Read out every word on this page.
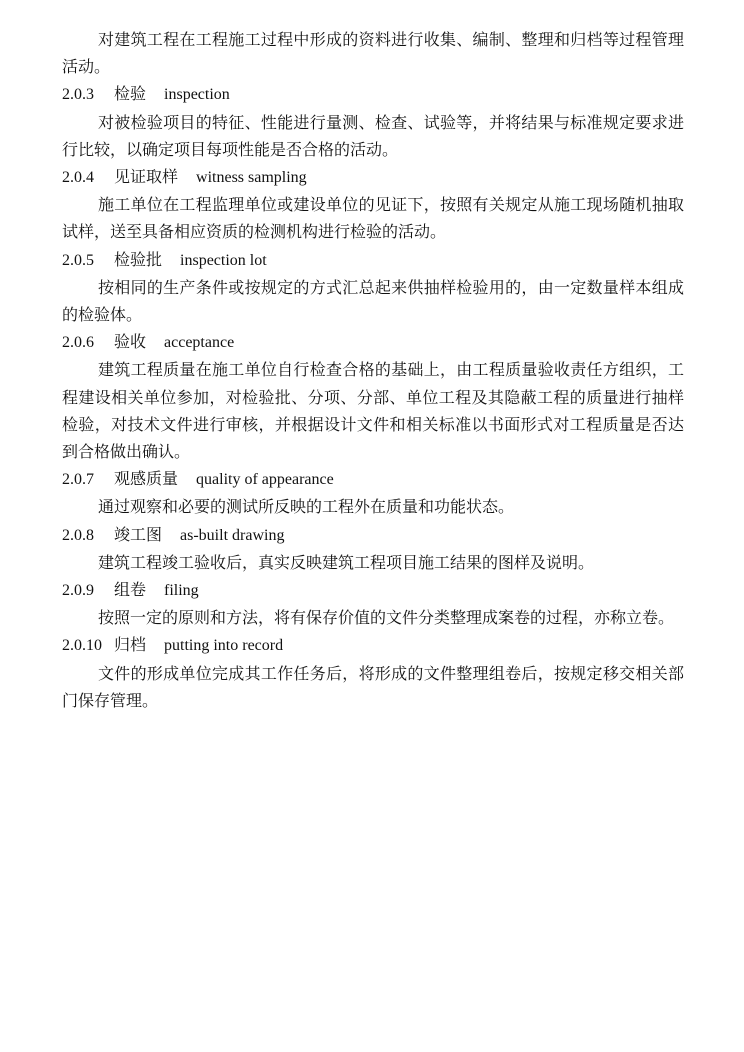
对建筑工程在工程施工过程中形成的资料进行收集、编制、整理和归档等过程管理活动。

2.0.3 检验 inspection

对被检验项目的特征、性能进行量测、检查、试验等，并将结果与标准规定要求进行比较，以确定项目每项性能是否合格的活动。

2.0.4 见证取样 witness sampling

施工单位在工程监理单位或建设单位的见证下，按照有关规定从施工现场随机抽取试样，送至具备相应资质的检测机构进行检验的活动。

2.0.5 检验批 inspection lot

按相同的生产条件或按规定的方式汇总起来供抽样检验用的，由一定数量样本组成的检验体。

2.0.6 验收 acceptance

建筑工程质量在施工单位自行检查合格的基础上，由工程质量验收责任方组织，工程建设相关单位参加，对检验批、分项、分部、单位工程及其隐蔽工程的质量进行抽样检验，对技术文件进行审核，并根据设计文件和相关标准以书面形式对工程质量是否达到合格做出确认。

2.0.7 观感质量 quality of appearance

通过观察和必要的测试所反映的工程外在质量和功能状态。

2.0.8 竣工图 as-built drawing

建筑工程竣工验收后，真实反映建筑工程项目施工结果的图样及说明。

2.0.9 组卷 filing

按照一定的原则和方法，将有保存价值的文件分类整理成案卷的过程，亦称立卷。

2.0.10 归档 putting into record

文件的形成单位完成其工作任务后，将形成的文件整理组卷后，按规定移交相关部门保存管理。
